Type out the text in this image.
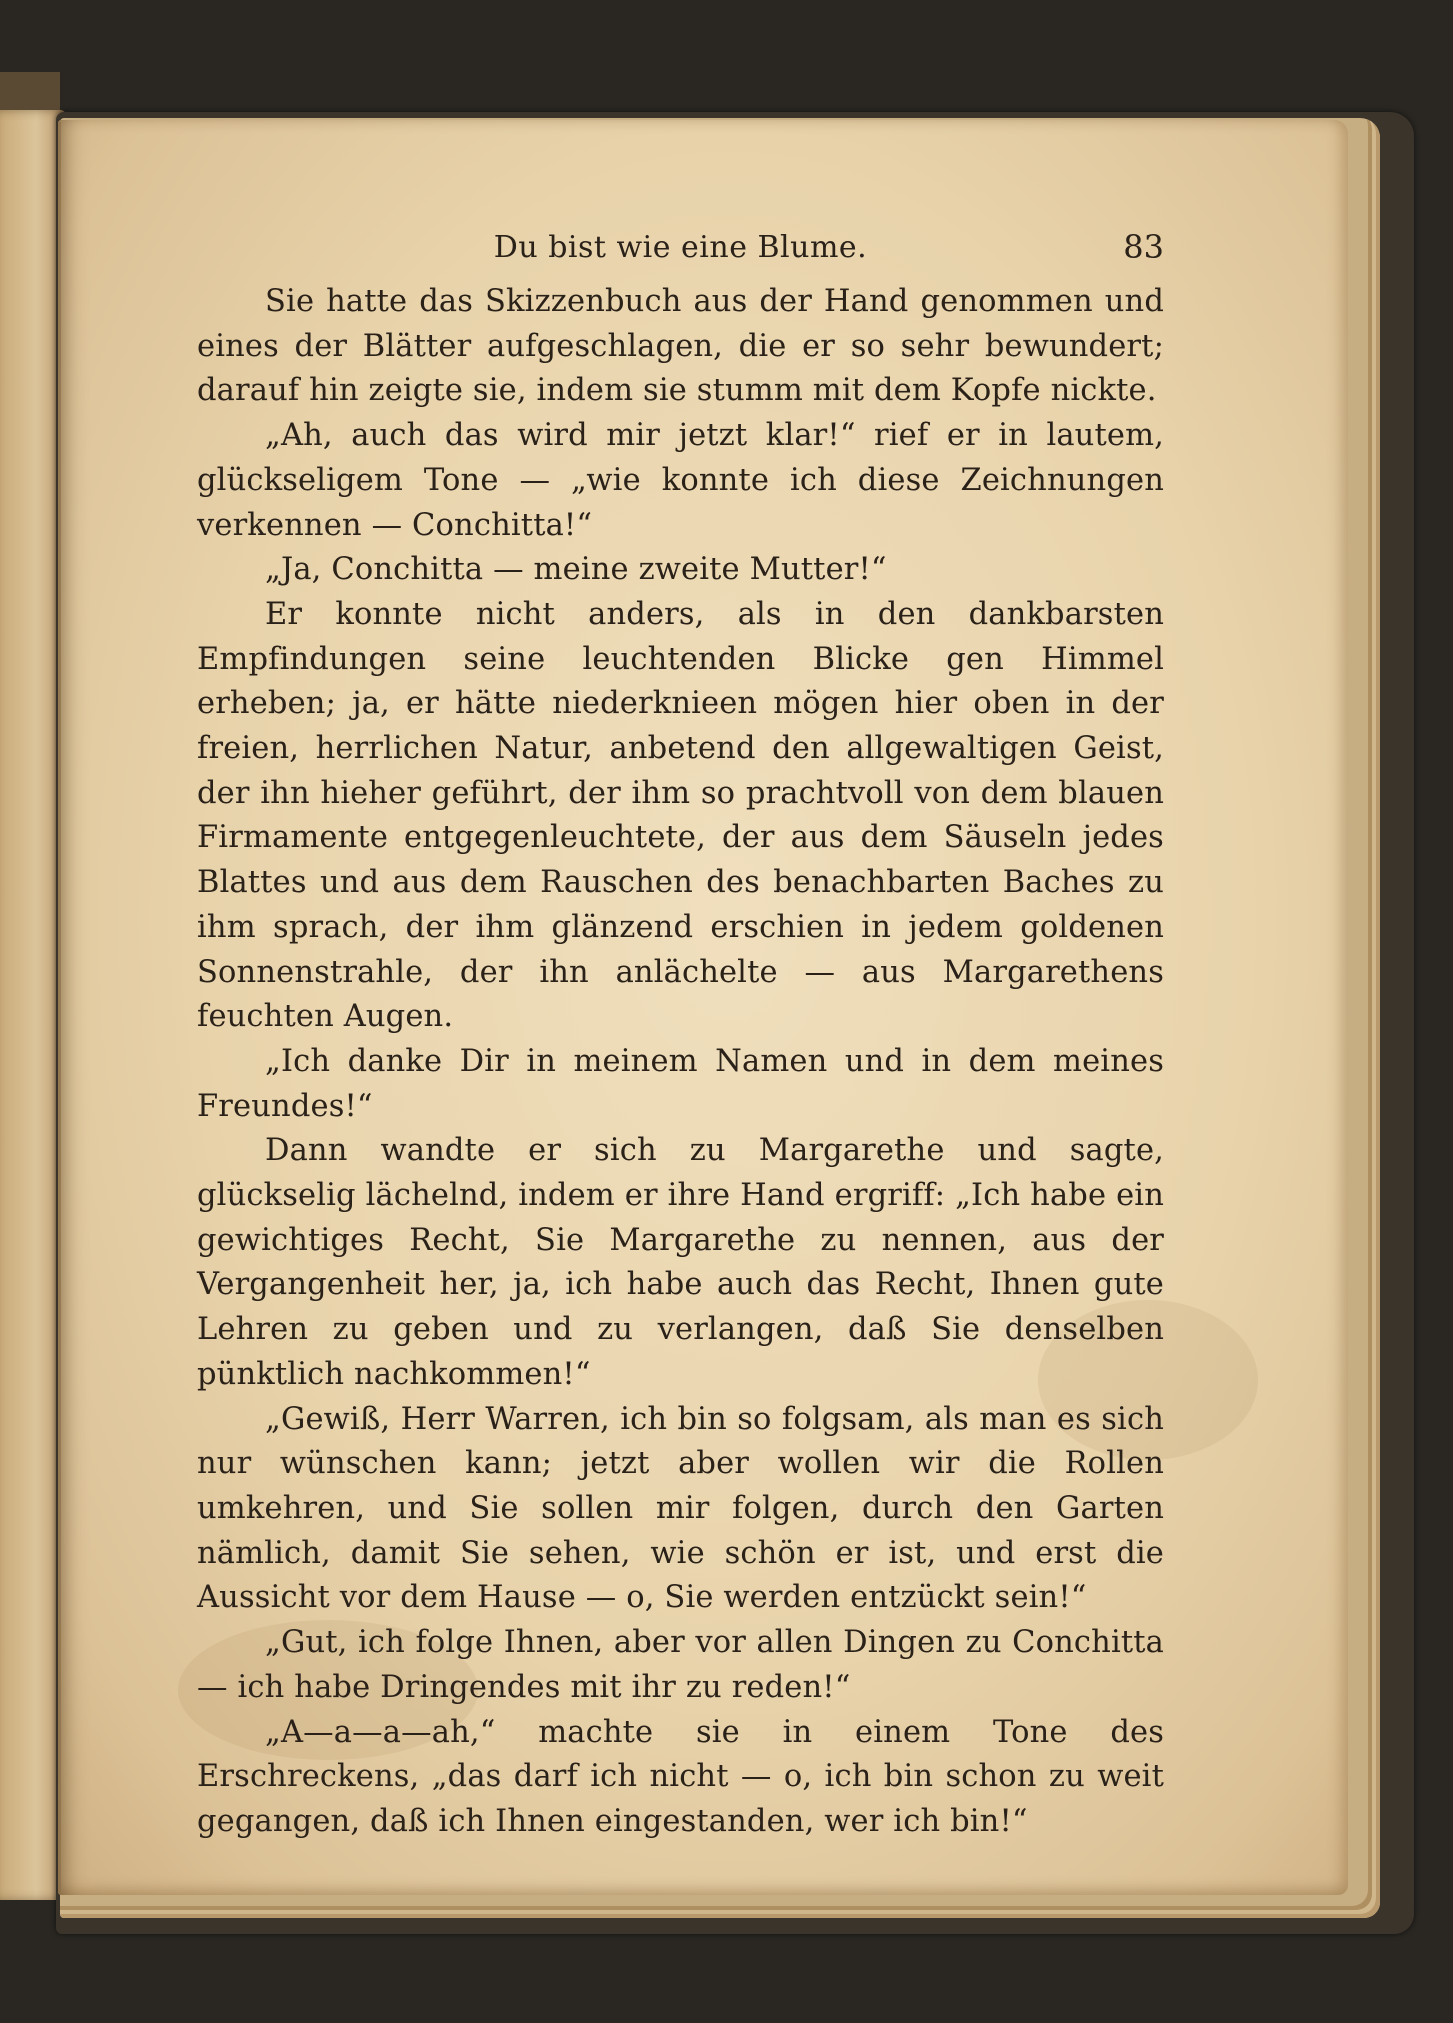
Du bist wie eine Blume.	83

Sie hatte das Skizzenbuch aus der Hand genommen und eines der Blätter aufgeschlagen, die er so sehr bewundert; darauf hin zeigte sie, indem sie stumm mit dem Kopfe nickte.

„Ah, auch das wird mir jetzt klar!“ rief er in lautem, glückseligem Tone — „wie konnte ich diese Zeichnungen verkennen — Conchitta!“

„Ja, Conchitta — meine zweite Mutter!“

Er konnte nicht anders, als in den dankbarsten Empfindungen seine leuchtenden Blicke gen Himmel erheben; ja, er hätte niederknieen mögen hier oben in der freien, herrlichen Natur, anbetend den allgewaltigen Geist, der ihn hieher geführt, der ihm so prachtvoll von dem blauen Firmamente entgegenleuchtete, der aus dem Säuseln jedes Blattes und aus dem Rauschen des benachbarten Baches zu ihm sprach, der ihm glänzend erschien in jedem goldenen Sonnenstrahle, der ihn anlächelte — aus Margarethens feuchten Augen.

„Ich danke Dir in meinem Namen und in dem meines Freundes!“

Dann wandte er sich zu Margarethe und sagte, glückselig lächelnd, indem er ihre Hand ergriff: „Ich habe ein gewichtiges Recht, Sie Margarethe zu nennen, aus der Vergangenheit her, ja, ich habe auch das Recht, Ihnen gute Lehren zu geben und zu verlangen, daß Sie denselben pünktlich nachkommen!“

„Gewiß, Herr Warren, ich bin so folgsam, als man es sich nur wünschen kann; jetzt aber wollen wir die Rollen umkehren, und Sie sollen mir folgen, durch den Garten nämlich, damit Sie sehen, wie schön er ist, und erst die Aussicht vor dem Hause — o, Sie werden entzückt sein!“

„Gut, ich folge Ihnen, aber vor allen Dingen zu Conchitta — ich habe Dringendes mit ihr zu reden!“

„A—a—a—ah,“ machte sie in einem Tone des Erschreckens, „das darf ich nicht — o, ich bin schon zu weit gegangen, daß ich Ihnen eingestanden, wer ich bin!“
